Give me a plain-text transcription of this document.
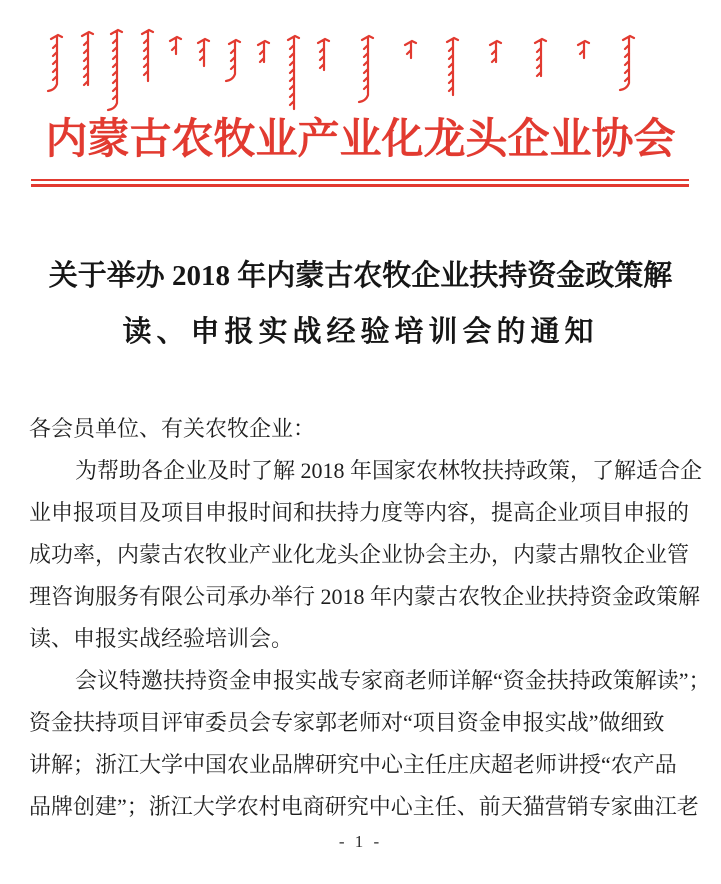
内蒙古农牧业产业化龙头企业协会
关于举办 2018 年内蒙古农牧企业扶持资金政策解
读、申报实战经验培训会的通知
各会员单位、有关农牧企业：
为帮助各企业及时了解 2018 年国家农林牧扶持政策，了解适合企
业申报项目及项目申报时间和扶持力度等内容，提高企业项目申报的
成功率，内蒙古农牧业产业化龙头企业协会主办，内蒙古鼎牧企业管
理咨询服务有限公司承办举行 2018 年内蒙古农牧企业扶持资金政策解
读、申报实战经验培训会。
会议特邀扶持资金申报实战专家商老师详解“资金扶持政策解读”；
资金扶持项目评审委员会专家郭老师对“项目资金申报实战”做细致
讲解；浙江大学中国农业品牌研究中心主任庄庆超老师讲授“农产品
品牌创建”；浙江大学农村电商研究中心主任、前天猫营销专家曲江老
- 1 -
